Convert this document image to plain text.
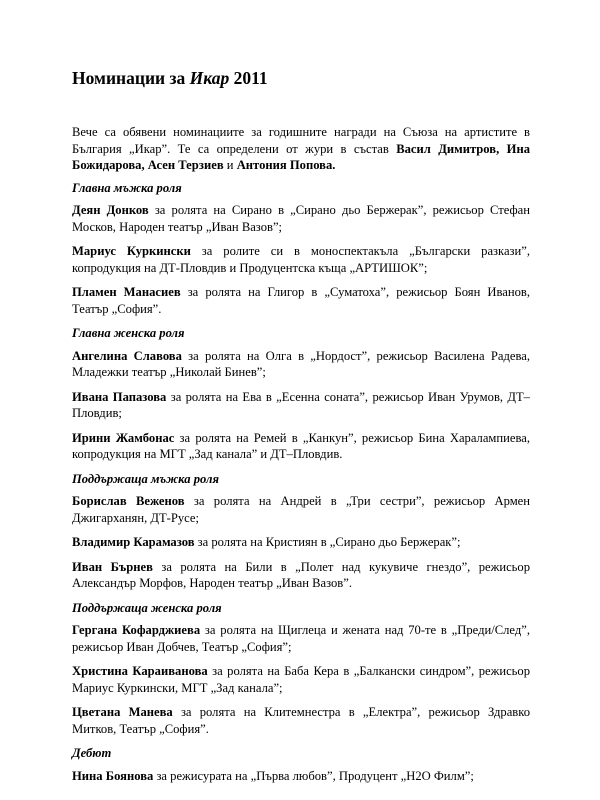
Номинации за Икар 2011

Вече са обявени номинациите за годишните награди на Съюза на артистите в България „Икар”. Те са определени от жури в състав Васил Димитров, Ина Божидарова, Асен Терзиев и Антония Попова.

Главна мъжка роля

Деян Донков за ролята на Сирано в „Сирано дьо Бержерак”, режисьор Стефан Москов, Народен театър „Иван Вазов”;

Мариус Куркински за ролите си в моноспектакъла „Български разкази”, копродукция на ДТ-Пловдив и Продуцентска къща „АРТИШОК”;

Пламен Манасиев за ролята на Глигор в „Суматоха”, режисьор Боян Иванов, Театър „София”.

Главна женска роля

Ангелина Славова за ролята на Олга в „Нордост”, режисьор Василена Радева, Младежки театър „Николай Бинев”;

Ивана Папазова за ролята на Ева в „Есенна соната”, режисьор Иван Урумов, ДТ–Пловдив;

Ирини Жамбонас за ролята на Ремей в „Канкун”, режисьор Бина Харалампиева, копродукция на МГТ „Зад канала” и ДТ–Пловдив.

Поддържаща мъжка роля

Борислав Веженов за ролята на Андрей в „Три сестри”, режисьор Армен Джигарханян, ДТ-Русе;

Владимир Карамазов за ролята на Кристиян в „Сирано дьо Бержерак”;

Иван Бърнев за ролята на Били в „Полет над кукувиче гнездо”, режисьор Александър Морфов, Народен театър „Иван Вазов”.

Поддържаща женска роля

Гергана Кофарджиева за ролята на Щиглеца и жената над 70-те в „Преди/След”, режисьор Иван Добчев, Театър „София”;

Христина Караиванова за ролята на Баба Кера в „Балкански синдром”, режисьор Мариус Куркински, МГТ „Зад канала”;

Цветана Манева за ролята на Клитемнестра в „Електра”, режисьор Здравко Митков, Театър „София”.

Дебют

Нина Боянова за режисурата на „Първа любов”, Продуцент „Н2О Филм”;
